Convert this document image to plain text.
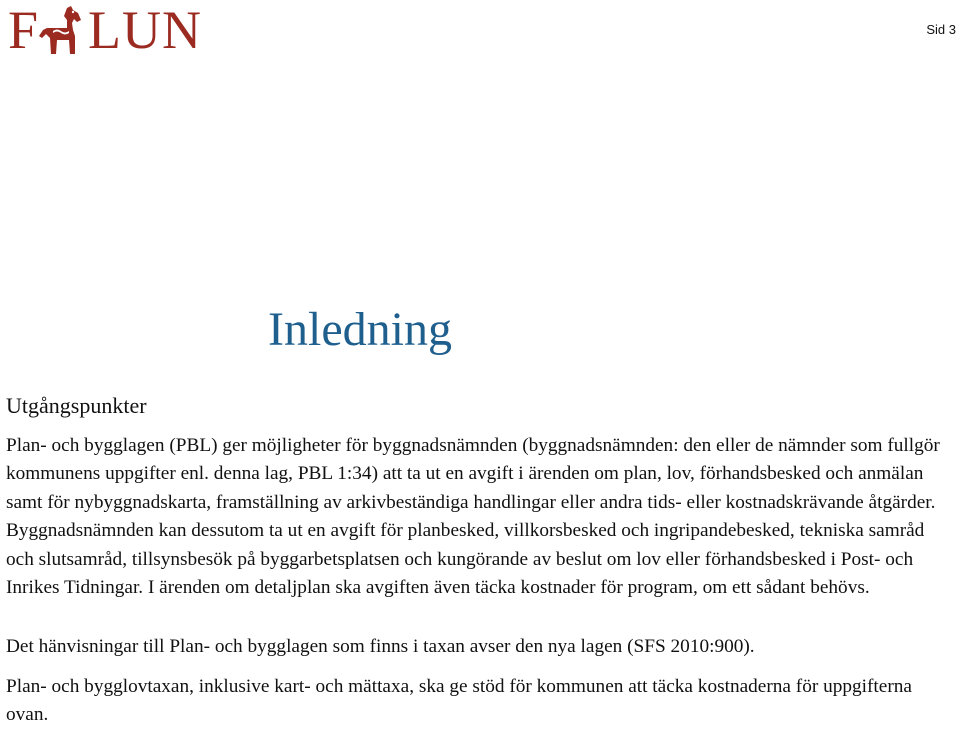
F LUN	Sid 3
Inledning
Utgångspunkter

Plan- och bygglagen (PBL) ger möjligheter för byggnadsnämnden (byggnadsnämnden: den eller de nämnder som fullgör kommunens uppgifter enl. denna lag, PBL 1:34) att ta ut en avgift i ärenden om plan, lov, förhandsbesked och anmälan samt för nybyggnadskarta, framställning av arkivbeständiga handlingar eller andra tids- eller kostnadskrävande åtgärder. Byggnadsnämnden kan dessutom ta ut en avgift för planbesked, villkorsbesked och ingripandebesked, tekniska samråd och slutsamråd, tillsynsbesök på byggarbetsplatsen och kungörande av beslut om lov eller förhandsbesked i Post- och Inrikes Tidningar. I ärenden om detaljplan ska avgiften även täcka kostnader för program, om ett sådant behövs.

Det hänvisningar till Plan- och bygglagen som finns i taxan avser den nya lagen (SFS 2010:900).

Plan- och bygglovtaxan, inklusive kart- och mättaxa, ska ge stöd för kommunen att täcka kostnaderna för uppgifterna ovan.
